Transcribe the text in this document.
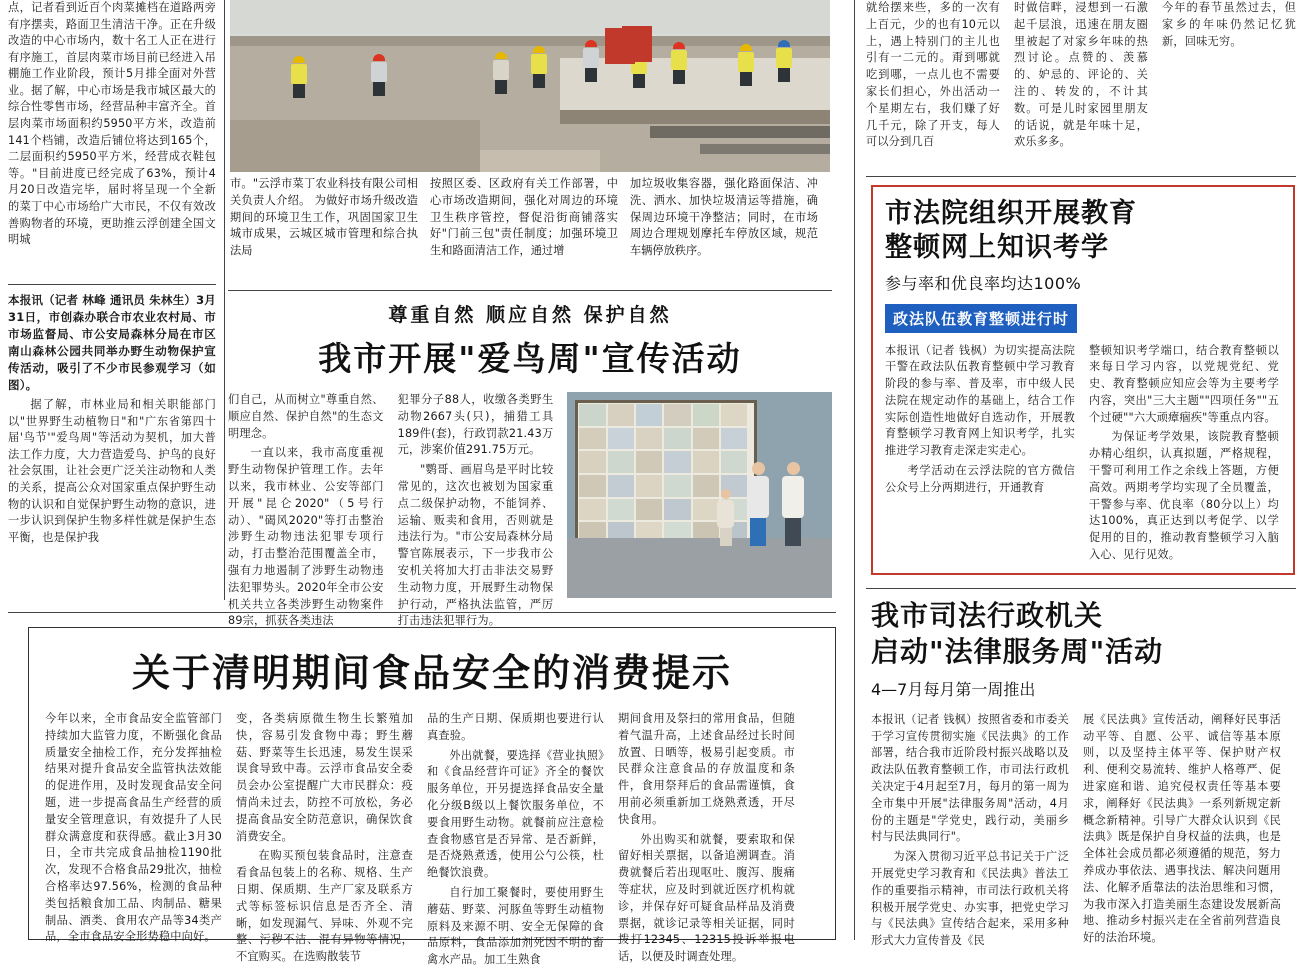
点，记者看到近百个肉菜摊档在道路两旁有序摆卖，路面卫生清洁干净。正在升级改造的中心市场内，数十名工人正在进行有序施工，首层肉菜市场目前已经进入吊棚施工作业阶段，预计5月排全面对外营业。据了解，中心市场是我市城区最大的综合性零售市场，经营品种丰富齐全。首层肉菜市场面积约5950平方米，改造前141个档铺，改造后铺位将达到165个，二层面积约5950平方米，经营成衣鞋包等。"目前进度已经完成了63%，预计4月20日改造完毕，届时将呈现一个全新的菜丁中心市场给广大市民，不仅有效改善购物者的环境，更助推云浮创建全国文明城

市。"云浮市菜丁农业科技有限公司相关负责人介绍。 为做好市场升级改造期间的环境卫生工作，巩固国家卫生城市成果，云城区城市管理和综合执法局
按照区委、区政府有关工作部署，中心市场改造期间，强化对周边的环境卫生秩序管控，督促沿街商铺落实好"门前三包"责任制度；加强环境卫生和路面清洁工作，通过增
加垃圾收集容器，强化路面保洁、冲洗、洒水、加快垃圾清运等措施，确保周边环境干净整洁；同时，在市场周边合理规划摩托车停放区域，规范车辆停放秩序。

本报讯（记者 林峰 通讯员 朱林生）3月31日，市创森办联合市农业农村局、市市场监督局、市公安局森林分局在市区南山森林公园共同举办野生动物保护宣传活动，吸引了不少市民参观学习（如图）。

据了解，市林业局和相关职能部门以"世界野生动植物日"和"广东省第四十届'鸟节'"爱鸟周"等活动为契机，加大普法工作力度，大力营造爱鸟、护鸟的良好社会氛围，让社会更广泛关注动物和人类的关系，提高公众对国家重点保护野生动物的认识和自觉保护野生动物的意识，进一步认识到保护生物多样性就是保护生态平衡，也是保护我

尊重自然 顺应自然 保护自然
我市开展"爱鸟周"宣传活动

们自己，从而树立"尊重自然、顺应自然、保护自然"的生态文明理念。

一直以来，我市高度重视野生动物保护管理工作。去年以来，我市林业、公安等部门开展"昆仑2020"（5号行动）、"碣风2020"等打击整治涉野生动物违法犯罪专项行动，打击整治范围覆盖全市，强有力地遏制了涉野生动物违法犯罪势头。2020年全市公安机关共立各类涉野生动物案件89宗，抓获各类违法

犯罪分子88人，收缴各类野生动物2667头(只)，捕猎工具189件(套)，行政罚款21.43万元，涉案价值291.75万元。

"鹦哥、画眉鸟是平时比较常见的，这次也被划为国家重点二级保护动物，不能饲养、运输、贩卖和食用，否则就是违法行为。"市公安局森林分局警官陈展表示，下一步我市公安机关将加大打击非法交易野生动物力度，开展野生动物保护行动，严格执法监管，严厉打击违法犯罪行为。

就给摆来些，多的一次有上百元，少的也有10元以上，遇上特别门的主儿也引有一二元的。甭到哪就吃到哪，一点儿也不需要家长们担心，外出活动一个星期左右，我们赚了好几千元，除了开支，每人可以分到几百
时做信畔，浸想到一石激起千层浪，迅速在朋友圈里被起了对家乡年味的热烈讨论。点赞的、羡慕的、妒忌的、评论的、关注的、转发的，不计其数。可是儿时家园里朋友的话说，就是年味十足，欢乐多多。
今年的春节虽然过去，但家乡的年味仍然记忆犹新，回味无穷。
市法院组织开展教育
整顿网上知识考学
参与率和优良率均达100%
政法队伍教育整顿进行时

本报讯（记者 钱枫）为切实提高法院干警在政法队伍教育整顿中学习教育阶段的参与率、普及率，市中级人民法院在规定动作的基础上，结合工作实际创造性地做好自选动作，开展教育整顿学习教育网上知识考学，扎实推进学习教育走深走实走心。

考学活动在云浮法院的官方微信公众号上分两期进行，开通教育

整顿知识考学端口，结合教育整顿以来每日学习内容，以党规党纪、党史、教育整顿应知应会等为主要考学内容，突出"三大主题""四项任务""五个过硬""六大顽瘴痼疾"等重点内容。

为保证考学效果，该院教育整顿办精心组织，认真拟题，严格规程，干警可利用工作之余线上答题，方便高效。两期考学均实现了全员覆盖，干警参与率、优良率（80分以上）均达100%，真正达到以考促学、以学促用的目的，推动教育整顿学习入脑入心、见行见效。

我市司法行政机关
启动"法律服务周"活动
4—7月每月第一周推出

本报讯（记者 钱枫）按照省委和市委关于学习宣传贯彻实施《民法典》的工作部署，结合我市近阶段村振兴战略以及政法队伍教育整顿工作，市司法行政机关决定于4月起至7月，每月的第一周为全市集中开展"法律服务周"活动，4月份的主题是"学党史，践行动，美丽乡村与民法典同行"。

为深入贯彻习近平总书记关于广泛开展党史学习教育和《民法典》普法工作的重要指示精神，市司法行政机关将积极开展学党史、办实事，把党史学习与《民法典》宣传结合起来，采用多种形式大力宣传普及《民

展《民法典》宣传活动，阐释好民事活动平等、自愿、公平、诚信等基本原则，以及坚持主体平等、保护财产权利、便利交易流转、维护人格尊严、促进家庭和谐、追究侵权责任等基本要求，阐释好《民法典》一系列新规定新概念新精神。引导广大群众认识到《民法典》既是保护自身权益的法典，也是全体社会成员都必须遵循的规范，努力养成办事依法、遇事找法、解决问题用法、化解矛盾靠法的法治思维和习惯，为我市深入打造美丽生态建设发展新高地、推动乡村振兴走在全省前列营造良好的法治环境。
关于清明期间食品安全的消费提示
今年以来，全市食品安全监管部门持续加大监管力度，不断强化食品质量安全抽检工作，充分发挥抽检结果对提升食品安全监管执法效能的促进作用，及时发现食品安全问题，进一步提高食品生产经营的质量安全管理意识，有效提升了人民群众满意度和获得感。截止3月30日，全市共完成食品抽检1190批次，发现不合格食品29批次，抽检合格率达97.56%，检测的食品种类包括粮食加工品、肉制品、糖果制品、酒类、食用农产品等34类产品，全市食品安全形势稳中向好。

变，各类病原微生物生长繁殖加快，容易引发食物中毒；野生蘑菇、野菜等生长迅速，易发生误采误食导致中毒。云浮市食品安全委员会办公室提醒广大市民群众：疫情尚未过去，防控不可放松，务必提高食品安全防范意识，确保饮食消费安全。

在购买预包装食品时，注意查看食品包装上的名称、规格、生产日期、保质期、生产厂家及联系方式等标签标识信息是否齐全、清晰，如发现漏气、异味、外观不完整、污秽不洁、混有异物等情况，不宜购买。在选购散装节

品的生产日期、保质期也要进行认真查验。

外出就餐，要选择《营业执照》和《食品经营许可证》齐全的餐饮服务单位，开另提选择食品安全量化分级B级以上餐饮服务单位，不要食用野生动物。就餐前应注意检查食物感官是否异常、是否新鲜，是否烧熟煮透，使用公勺公筷，杜绝餐饮浪费。

自行加工聚餐时，要使用野生蘑菇、野菜、河豚鱼等野生动植物原料及来源不明、安全无保障的食品原料，食品添加剂死因不明的畜禽水产品。加工生熟食

期间食用及祭扫的常用食品，但随着气温升高，上述食品经过长时间放置、日晒等，极易引起变质。市民群众注意食品的存放温度和条件，食用祭拜后的食品需谨慎，食用前必须重新加工烧熟煮透，开尽快食用。

外出购买和就餐，要索取和保留好相关票据，以备追溯调查。消费就餐后若出现呕吐、腹泻、腹痛等症状，应及时到就近医疗机构就诊，并保存好可疑食品样品及消费票据，就诊记录等相关证据，同时拨打12345、12315投诉举报电话，以便及时调查处理。
